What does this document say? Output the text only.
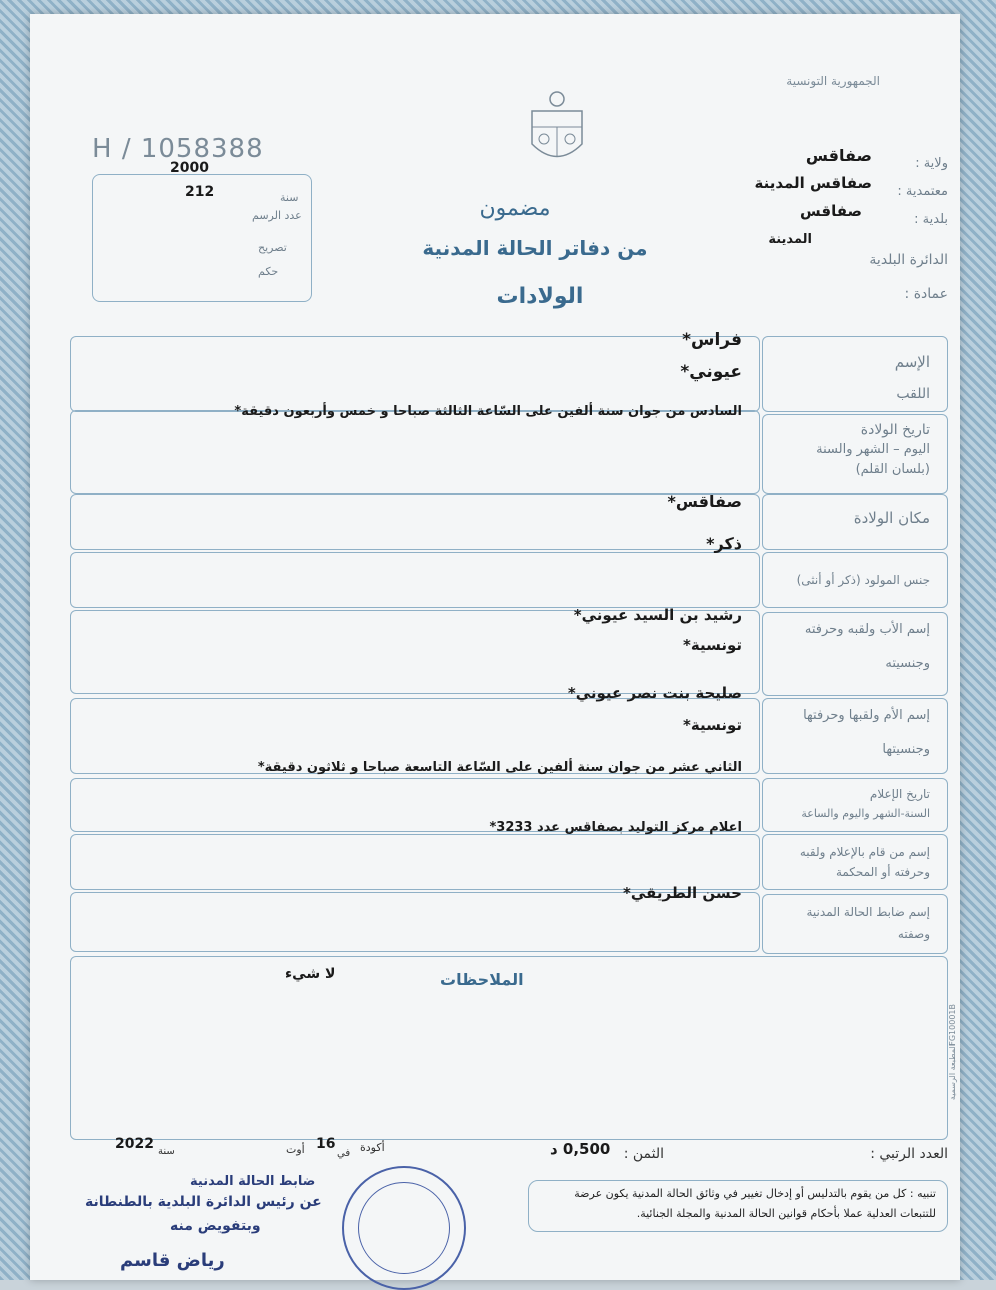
الجمهورية التونسية
H / 1058388	ولاية :
صفاقس
معتمدية :
صفاقس المدينة
بلدية :
صفاقس
المدينة
الدائرة البلدية
عمادة :
مضمون
من دفاتر الحالة المدنية
الولادات
2000
سنة
212
عدد الرسم
تصريح
حكم
الإسم
اللقب
فراس*
عيوني*
تاريخ الولادة
اليوم – الشهر والسنة
(بلسان القلم)
السادس من جوان سنة ألفين على السّاعة الثالثة صباحا و خمس وأربعون دقيقة*
مكان الولادة
صفاقس*
جنس المولود (ذكر أو أنثى)
ذكر*
إسم الأب ولقبه وحرفته
وجنسيته
رشيد بن السيد عيوني*
تونسية*
إسم الأم ولقبها وحرفتها
وجنسيتها
صليحة بنت نصر عيوني*
تونسية*
تاريخ الإعلام
السنة-الشهر واليوم والساعة
الثاني عشر من جوان سنة ألفين على السّاعة التاسعة صباحا و ثلاثون دقيقة*
إسم من قام بالإعلام ولقبه
وحرفته أو المحكمة
اعلام مركز التوليد بصفاقس عدد 3233*
إسم ضابط الحالة المدنية
وصفته
حسن الطريقي*
الملاحظات
لا شيء
المطبعة الرسمية
FG10001B
العدد الرتبي :
الثمن :
0,500 د
أكودة
16
في
أوت
2022 سنة
ضابط الحالة المدنية
عن رئيس الدائرة البلدية بالطنطانة
وبتفويض منه
رياض قاسم
تنبيه : كل من يقوم بالتدليس أو إدخال تغيير في وثائق الحالة المدنية يكون عرضة للتتبعات العدلية عملا بأحكام قوانين الحالة المدنية والمجلة الجنائية.
